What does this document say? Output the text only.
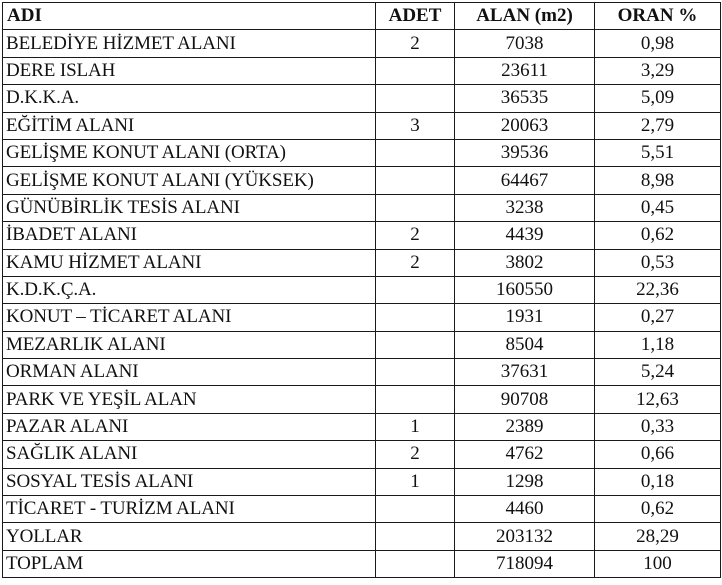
ADI	ADET	ALAN (m2)	ORAN %
BELEDİYE HİZMET ALANI	2	7038	0,98
DERE ISLAH		23611	3,29
D.K.K.A.		36535	5,09
EĞİTİM ALANI	3	20063	2,79
GELİŞME KONUT ALANI (ORTA)		39536	5,51
GELİŞME KONUT ALANI (YÜKSEK)		64467	8,98
GÜNÜBİRLİK TESİS ALANI		3238	0,45
İBADET ALANI	2	4439	0,62
KAMU HİZMET ALANI	2	3802	0,53
K.D.K.Ç.A.		160550	22,36
KONUT – TİCARET ALANI		1931	0,27
MEZARLIK ALANI		8504	1,18
ORMAN ALANI		37631	5,24
PARK VE YEŞİL ALAN		90708	12,63
PAZAR ALANI	1	2389	0,33
SAĞLIK ALANI	2	4762	0,66
SOSYAL TESİS ALANI	1	1298	0,18
TİCARET - TURİZM ALANI		4460	0,62
YOLLAR		203132	28,29
TOPLAM		718094	100
